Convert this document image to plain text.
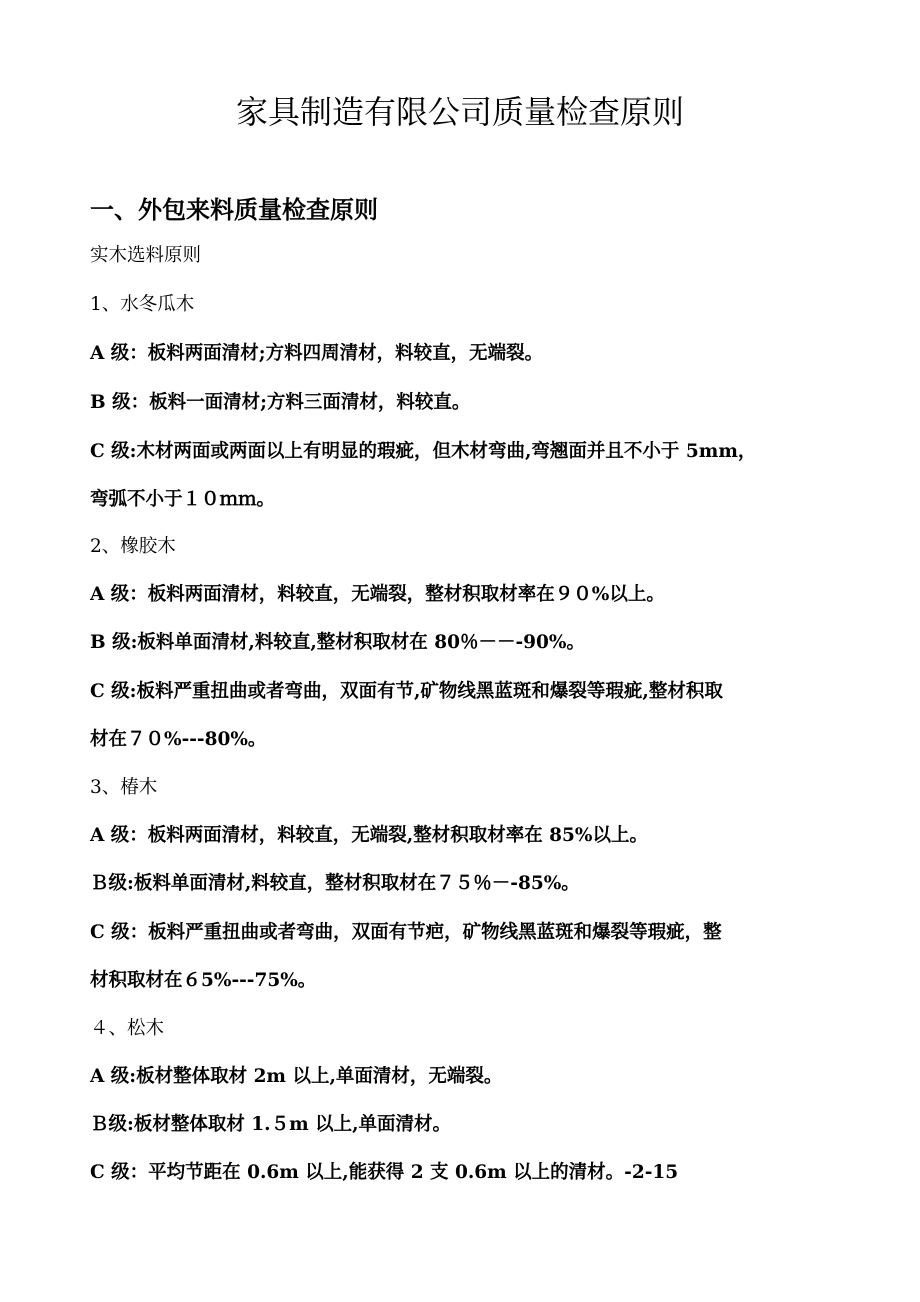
家具制造有限公司质量检查原则
一、外包来料质量检查原则

实木选料原则

1、水冬瓜木

A 级：板料两面清材;方料四周清材，料较直，无端裂。

B 级：板料一面清材;方料三面清材，料较直。

C 级:木材两面或两面以上有明显的瑕疵，但木材弯曲,弯翘面并且不小于 5mm，

弯弧不小于１０ｍｍ。

2、橡胶木

A 级：板料两面清材，料较直，无端裂，整材积取材率在９０%以上。

B 级:板料单面清材,料较直,整材积取材在 80％－－-90%。

C 级:板料严重扭曲或者弯曲，双面有节,矿物线黑蓝斑和爆裂等瑕疵,整材积取

材在７０%---80%。

3、椿木

A 级：板料两面清材，料较直，无端裂,整材积取材率在 85%以上。

Ｂ级:板料单面清材,料较直，整材积取材在７５％－-85%。

C 级：板料严重扭曲或者弯曲，双面有节疤，矿物线黑蓝斑和爆裂等瑕疵，整

材积取材在６5%---75%。

４、松木

A 级:板材整体取材 2m 以上,单面清材，无端裂。

Ｂ级:板材整体取材 1.５m 以上,单面清材。

C 级：平均节距在 0.6m 以上,能获得 2 支 0.6m 以上的清材。-2-15
